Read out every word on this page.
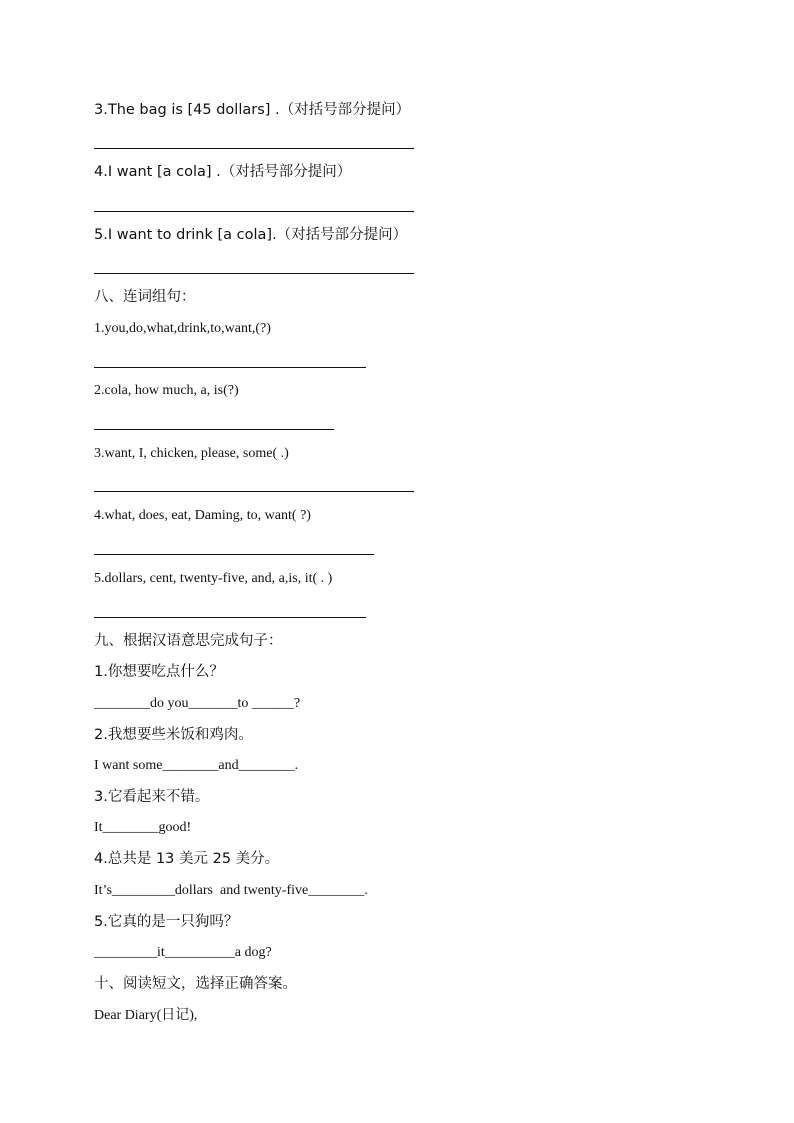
3.The bag is [45 dollars] .（对括号部分提问）
4.I want [a cola] .（对括号部分提问）
5.I want to drink [a cola].（对括号部分提问）
八、连词组句：
1.you,do,what,drink,to,want,(?)
2.cola, how much, a, is(?)
3.want, I, chicken, please, some( .)
4.what, does, eat, Daming, to, want( ?)
5.dollars, cent, twenty-five, and, a,is, it( . )
九、根据汉语意思完成句子：
1.你想要吃点什么？
________do you_______to ______?
2.我想要些米饭和鸡肉。
I want some________and________.
3.它看起来不错。
It________good!
4.总共是 13 美元 25 美分。
It’s_________dollars  and twenty-five________.
5.它真的是一只狗吗？
_________it__________a dog?
十、阅读短文，选择正确答案。
Dear Diary(日记),
